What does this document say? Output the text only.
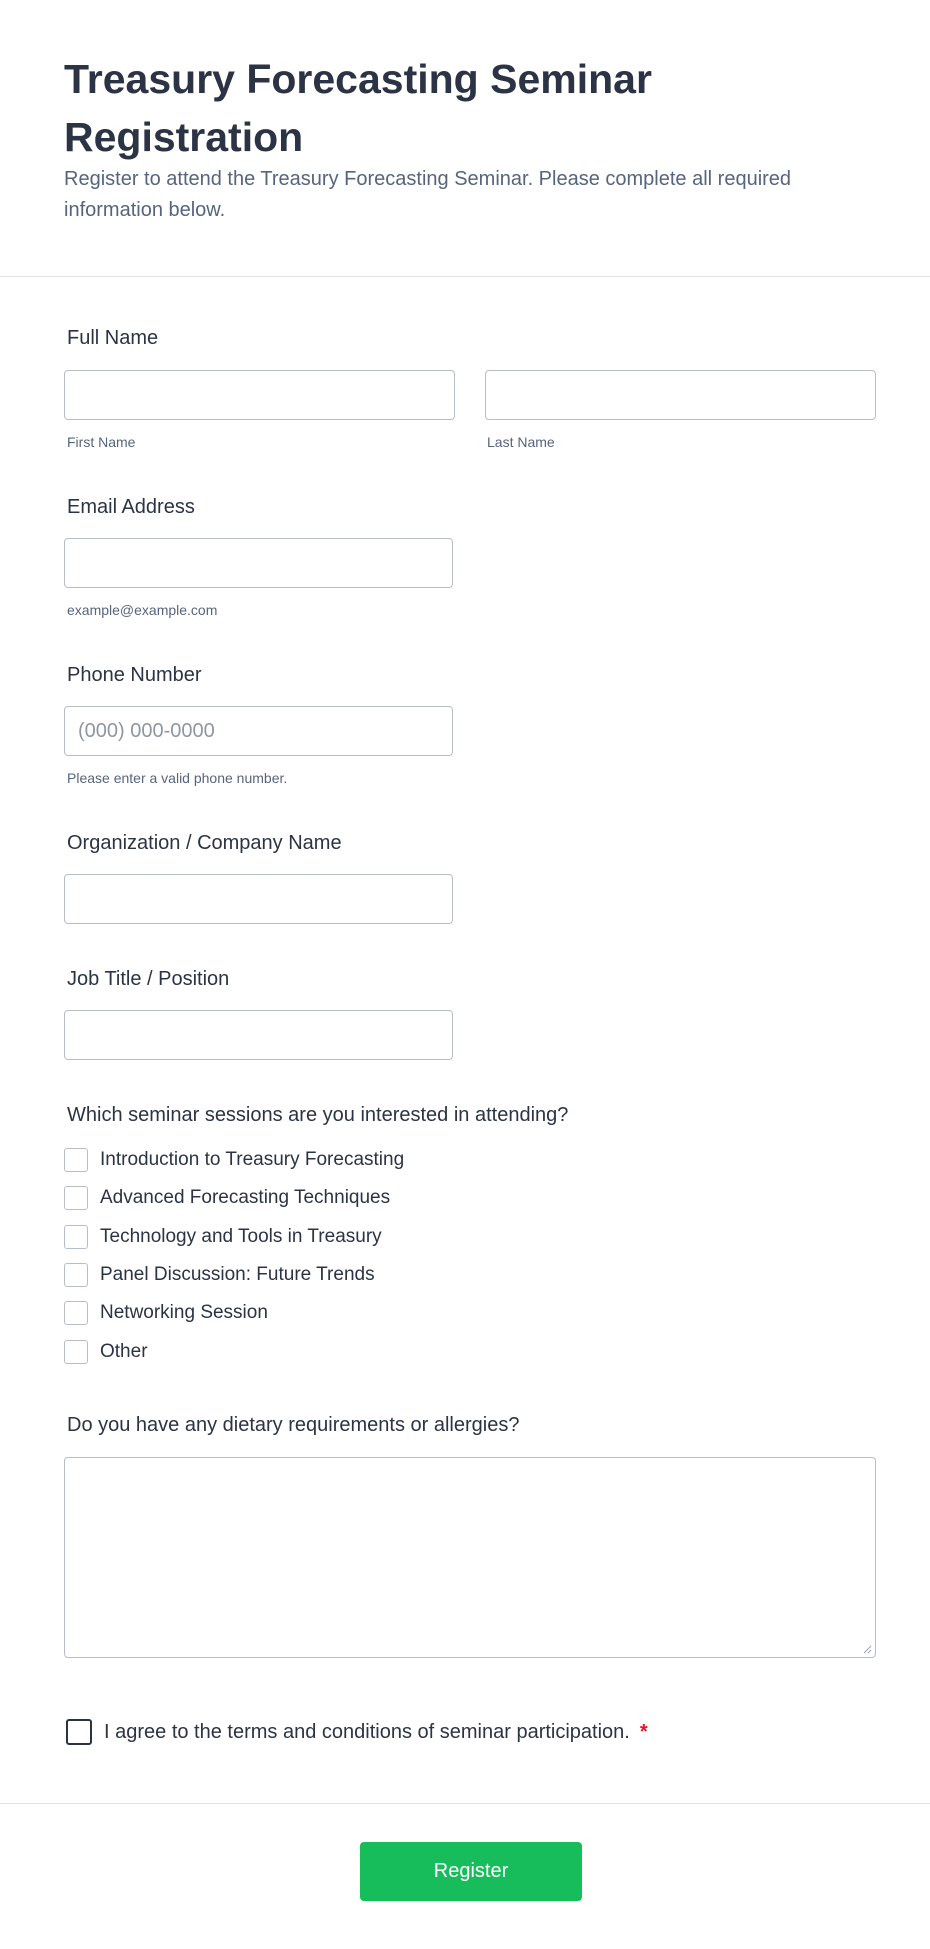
Treasury Forecasting Seminar Registration

Register to attend the Treasury Forecasting Seminar. Please complete all required information below.

Full Name
First Name	Last Name
Email Address
example@example.com
Phone Number
(000) 000-0000
Please enter a valid phone number.
Organization / Company Name
Job Title / Position
Which seminar sessions are you interested in attending?
Introduction to Treasury Forecasting
Advanced Forecasting Techniques
Technology and Tools in Treasury
Panel Discussion: Future Trends
Networking Session
Other
Do you have any dietary requirements or allergies?
I agree to the terms and conditions of seminar participation. *
Register
